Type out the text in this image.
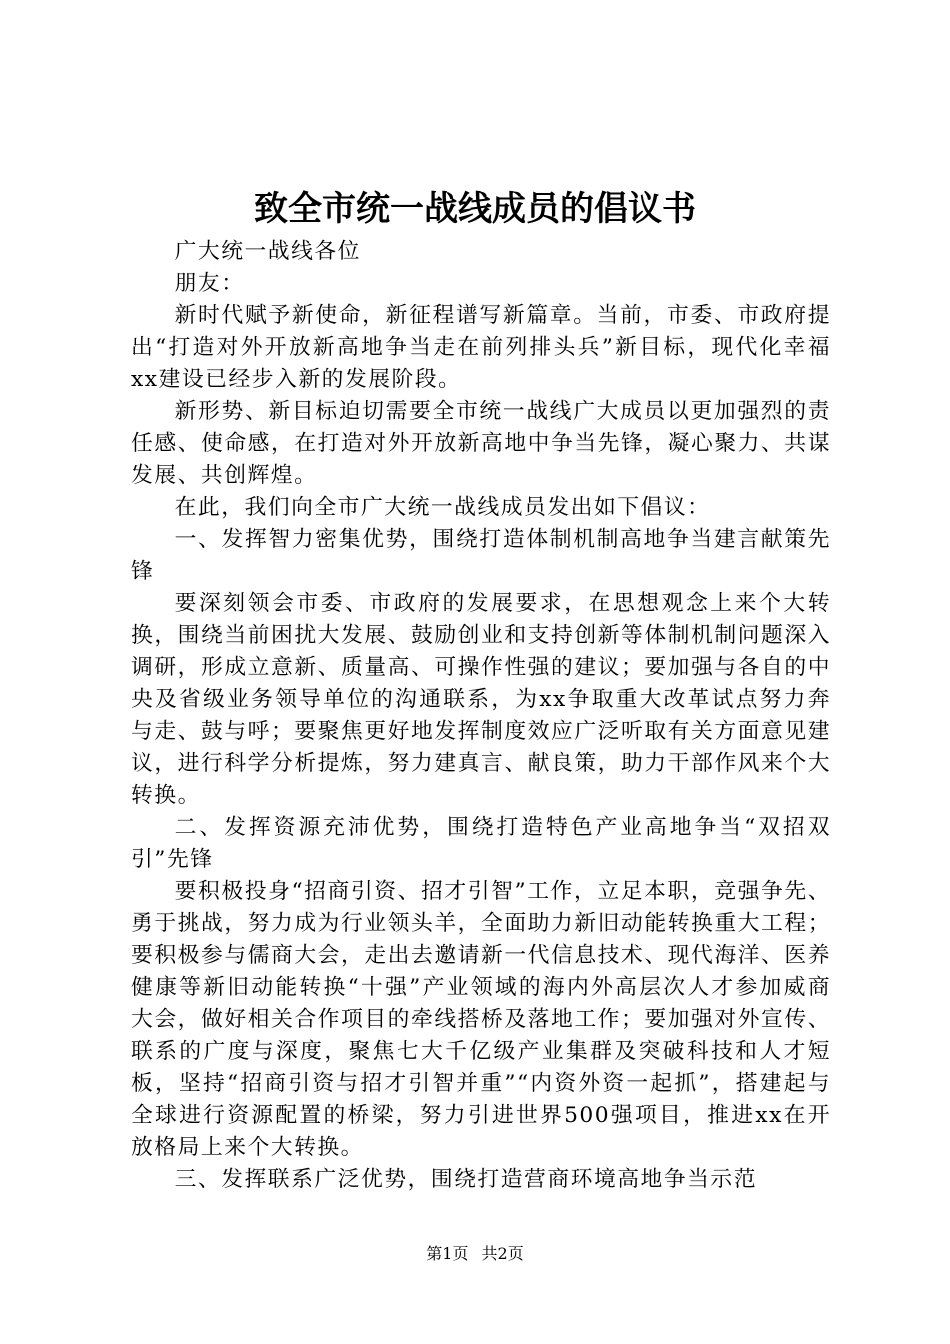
致全市统一战线成员的倡议书

广大统一战线各位

朋友：

新时代赋予新使命，新征程谱写新篇章。当前，市委、市政府提出“打造对外开放新高地争当走在前列排头兵”新目标，现代化幸福xx建设已经步入新的发展阶段。

新形势、新目标迫切需要全市统一战线广大成员以更加强烈的责任感、使命感，在打造对外开放新高地中争当先锋，凝心聚力、共谋发展、共创辉煌。

在此，我们向全市广大统一战线成员发出如下倡议：

一、发挥智力密集优势，围绕打造体制机制高地争当建言献策先锋

要深刻领会市委、市政府的发展要求，在思想观念上来个大转换，围绕当前困扰大发展、鼓励创业和支持创新等体制机制问题深入调研，形成立意新、质量高、可操作性强的建议；要加强与各自的中央及省级业务领导单位的沟通联系，为xx争取重大改革试点努力奔与走、鼓与呼；要聚焦更好地发挥制度效应广泛听取有关方面意见建议，进行科学分析提炼，努力建真言、献良策，助力干部作风来个大转换。

二、发挥资源充沛优势，围绕打造特色产业高地争当“双招双引”先锋

要积极投身“招商引资、招才引智”工作，立足本职，竞强争先、勇于挑战，努力成为行业领头羊，全面助力新旧动能转换重大工程；要积极参与儒商大会，走出去邀请新一代信息技术、现代海洋、医养健康等新旧动能转换“十强”产业领域的海内外高层次人才参加威商大会，做好相关合作项目的牵线搭桥及落地工作；要加强对外宣传、联系的广度与深度，聚焦七大千亿级产业集群及突破科技和人才短板，坚持“招商引资与招才引智并重”“内资外资一起抓”，搭建起与全球进行资源配置的桥梁，努力引进世界500强项目，推进xx在开放格局上来个大转换。

三、发挥联系广泛优势，围绕打造营商环境高地争当示范

第1页 共2页
